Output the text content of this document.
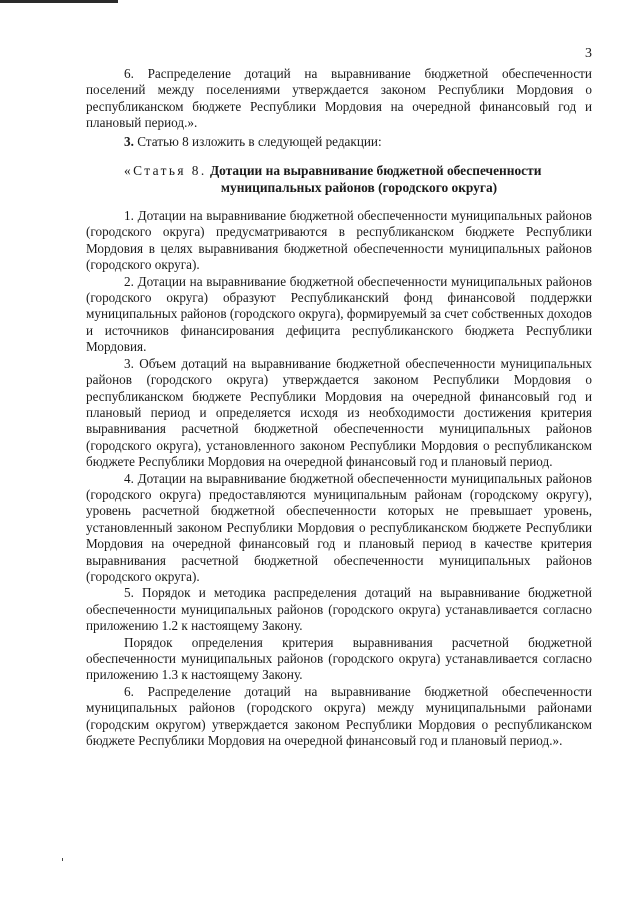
3

6. Распределение дотаций на выравнивание бюджетной обеспеченности поселений между поселениями утверждается законом Республики Мордовия о республиканском бюджете Республики Мордовия на очередной финансовый год и плановый период.».

3. Статью 8 изложить в следующей редакции:

«Статья 8. Дотации на выравнивание бюджетной обеспеченности
муниципальных районов (городского округа)

1. Дотации на выравнивание бюджетной обеспеченности муниципальных районов (городского округа) предусматриваются в республиканском бюджете Республики Мордовия в целях выравнивания бюджетной обеспеченности муниципальных районов (городского округа).

2. Дотации на выравнивание бюджетной обеспеченности муниципальных районов (городского округа) образуют Республиканский фонд финансовой поддержки муниципальных районов (городского округа), формируемый за счет собственных доходов и источников финансирования дефицита республиканского бюджета Республики Мордовия.

3. Объем дотаций на выравнивание бюджетной обеспеченности муниципальных районов (городского округа) утверждается законом Республики Мордовия о республиканском бюджете Республики Мордовия на очередной финансовый год и плановый период и определяется исходя из необходимости достижения критерия выравнивания расчетной бюджетной обеспеченности муниципальных районов (городского округа), установленного законом Республики Мордовия о республиканском бюджете Республики Мордовия на очередной финансовый год и плановый период.

4. Дотации на выравнивание бюджетной обеспеченности муниципальных районов (городского округа) предоставляются муниципальным районам (городскому округу), уровень расчетной бюджетной обеспеченности которых не превышает уровень, установленный законом Республики Мордовия о республиканском бюджете Республики Мордовия на очередной финансовый год и плановый период в качестве критерия выравнивания расчетной бюджетной обеспеченности муниципальных районов (городского округа).

5. Порядок и методика распределения дотаций на выравнивание бюджетной обеспеченности муниципальных районов (городского округа) устанавливается согласно приложению 1.2 к настоящему Закону.

Порядок определения критерия выравнивания расчетной бюджетной обеспеченности муниципальных районов (городского округа) устанавливается согласно приложению 1.3 к настоящему Закону.

6. Распределение дотаций на выравнивание бюджетной обеспеченности муниципальных районов (городского округа) между муниципальными районами (городским округом) утверждается законом Республики Мордовия о республиканском бюджете Республики Мордовия на очередной финансовый год и плановый период.».
